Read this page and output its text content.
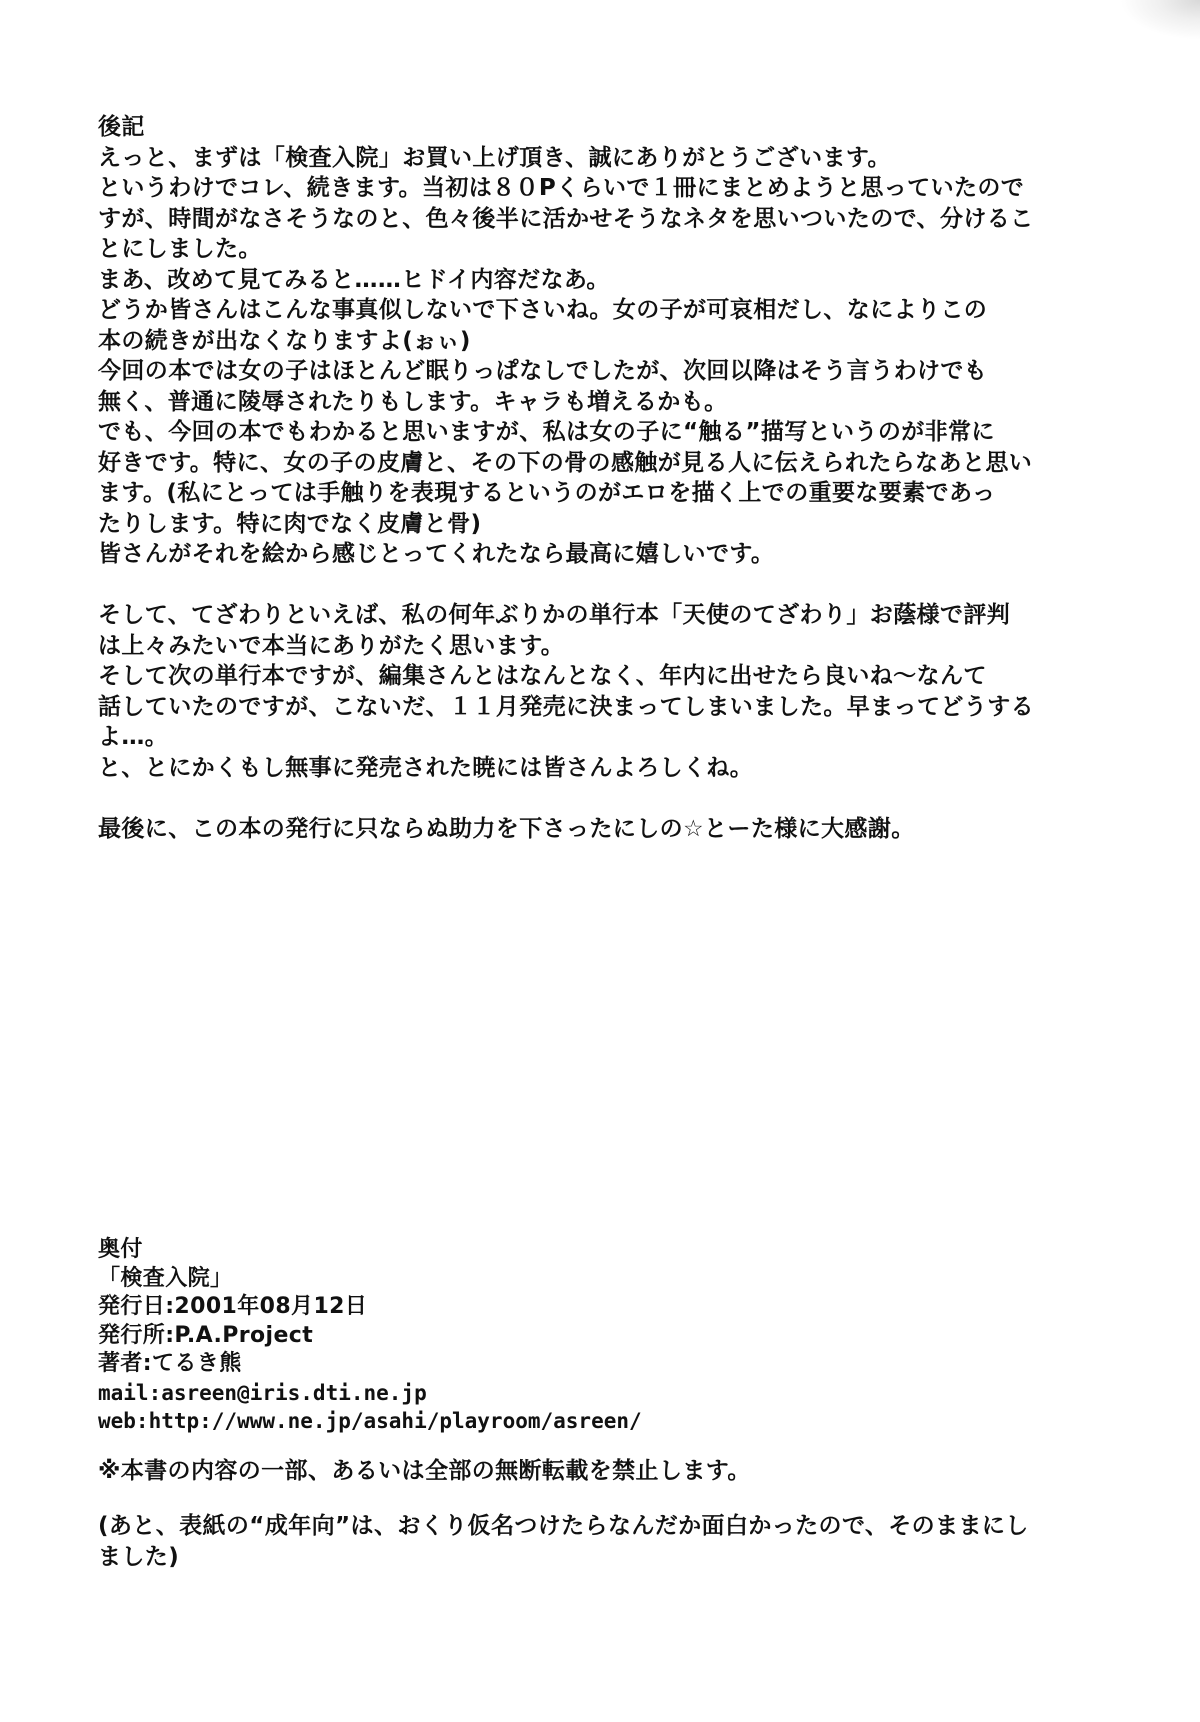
後記
えっと、まずは「検査入院」お買い上げ頂き、誠にありがとうございます。
というわけでコレ、続きます。当初は８０Pくらいで１冊にまとめようと思っていたので
すが、時間がなさそうなのと、色々後半に活かせそうなネタを思いついたので、分けるこ
とにしました。
まあ、改めて見てみると……ヒドイ内容だなあ。
どうか皆さんはこんな事真似しないで下さいね。女の子が可哀相だし、なによりこの
本の続きが出なくなりますよ(ぉぃ)
今回の本では女の子はほとんど眠りっぱなしでしたが、次回以降はそう言うわけでも
無く、普通に陵辱されたりもします。キャラも増えるかも。
でも、今回の本でもわかると思いますが、私は女の子に“触る”描写というのが非常に
好きです。特に、女の子の皮膚と、その下の骨の感触が見る人に伝えられたらなあと思い
ます。(私にとっては手触りを表現するというのがエロを描く上での重要な要素であっ
たりします。特に肉でなく皮膚と骨)
皆さんがそれを絵から感じとってくれたなら最高に嬉しいです。
そして、てざわりといえば、私の何年ぶりかの単行本「天使のてざわり」お蔭様で評判
は上々みたいで本当にありがたく思います。
そして次の単行本ですが、編集さんとはなんとなく、年内に出せたら良いね～なんて
話していたのですが、こないだ、１１月発売に決まってしまいました。早まってどうする
よ…。
と、とにかくもし無事に発売された暁には皆さんよろしくね。
最後に、この本の発行に只ならぬ助力を下さったにしの☆とーた様に大感謝。
奥付
「検査入院」
発行日:2001年08月12日
発行所:P.A.Project
著者:てるき熊
mail:asreen@iris.dti.ne.jp
web:http://www.ne.jp/asahi/playroom/asreen/
※本書の内容の一部、あるいは全部の無断転載を禁止します。
(あと、表紙の“成年向”は、おくり仮名つけたらなんだか面白かったので、そのままにし
ました)
